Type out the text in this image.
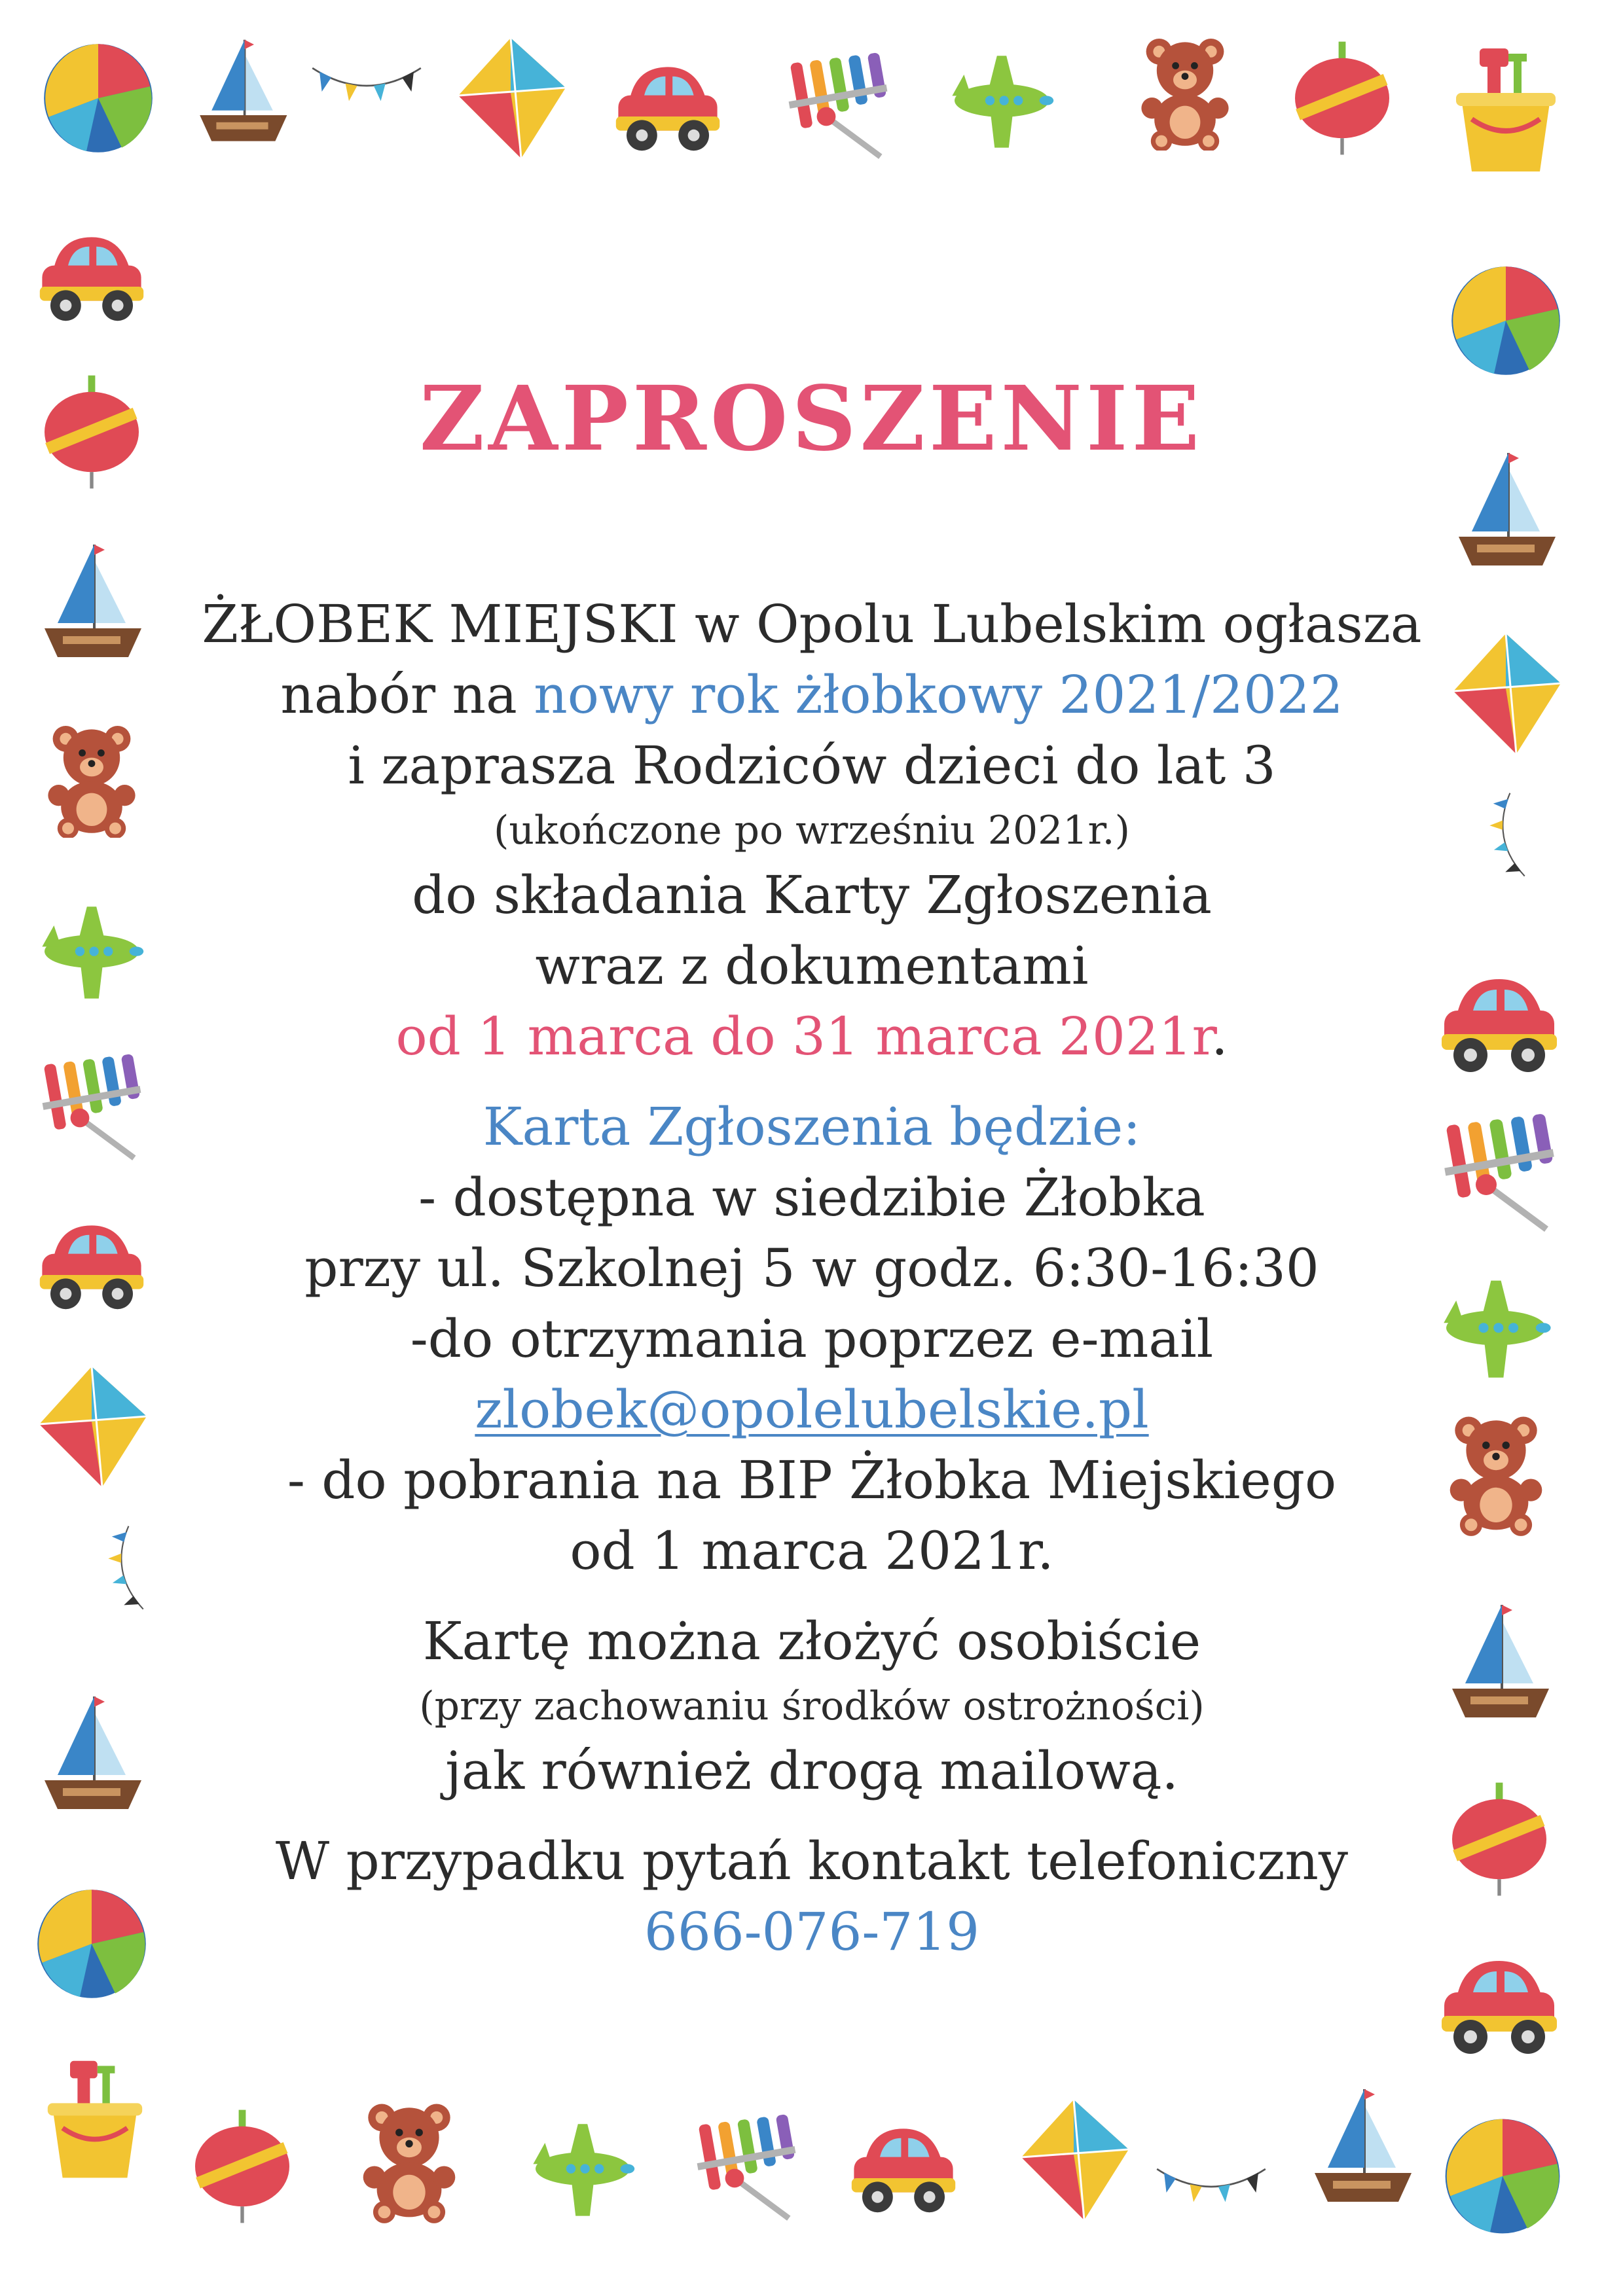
ZAPROSZENIE
ŻŁOBEK MIEJSKI w Opolu Lubelskim ogłasza
nabór na nowy rok żłobkowy 2021/2022
i zaprasza Rodziców dzieci do lat 3
(ukończone po wrześniu 2021r.)
do składania Karty Zgłoszenia
wraz z dokumentami
od 1 marca do 31 marca 2021r.
Karta Zgłoszenia będzie:
- dostępna w siedzibie Żłobka
przy ul. Szkolnej 5 w godz. 6:30-16:30
-do otrzymania poprzez e-mail
zlobek@opolelubelskie.pl
- do pobrania na BIP Żłobka Miejskiego
od 1 marca 2021r.
Kartę można złożyć osobiście
(przy zachowaniu środków ostrożności)
jak również drogą mailową.
W przypadku pytań kontakt telefoniczny
666-076-719
